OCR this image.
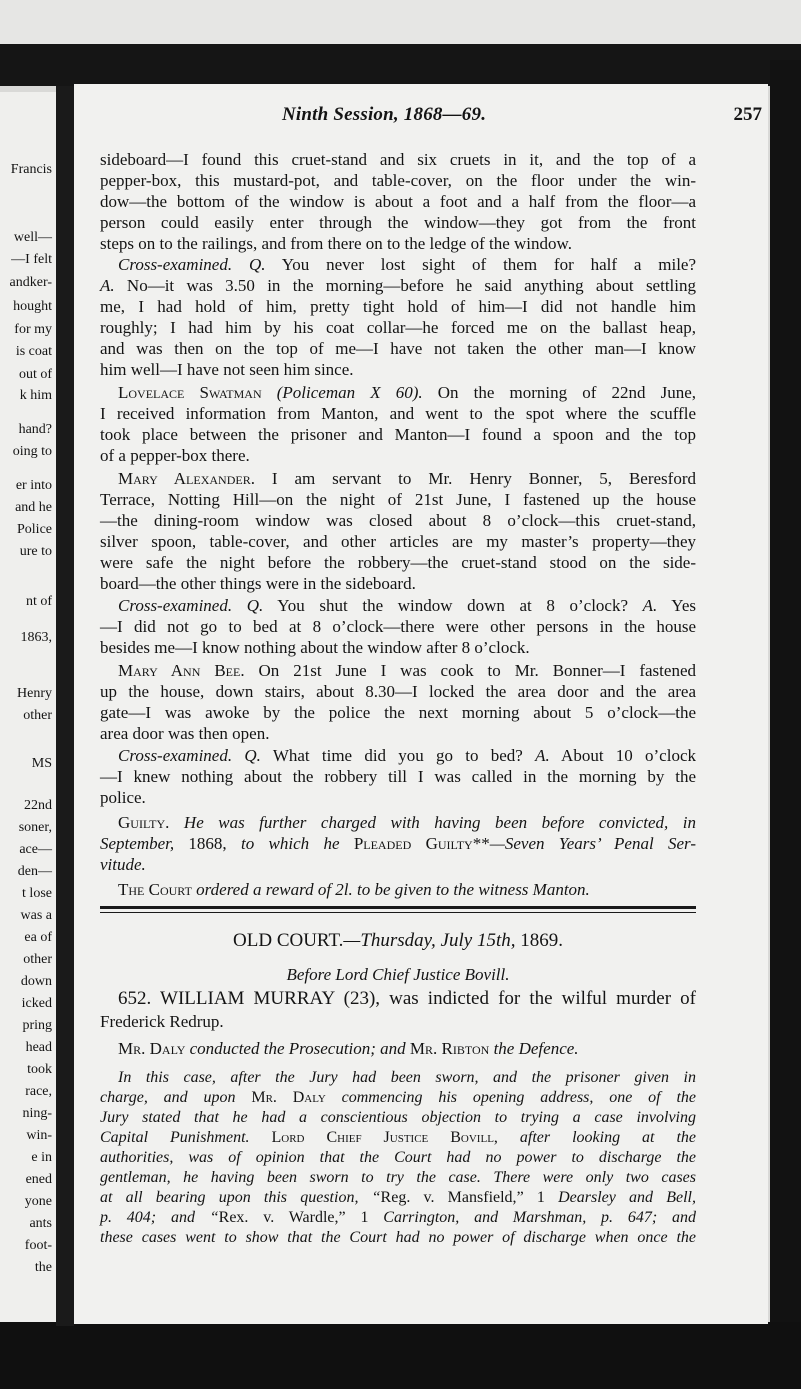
Francis
well—
—I felt
andker-
hought
for my
is coat
out of
k him
hand?
oing to
er into
and he
Police
ure to
nt of
1863,
Henry
other
MS
22nd
soner,
ace—
den—
t lose
was a
ea of
other
down
icked
pring
head
took
race,
ning-
win-
e in
ened
yone
ants
foot-
the
Ninth Session, 1868—69.	257
sideboard—I found this cruet-stand and six cruets in it, and the top of a
pepper-box, this mustard-pot, and table-cover, on the floor under the win-
dow—the bottom of the window is about a foot and a half from the floor—a
person could easily enter through the window—they got from the front
steps on to the railings, and from there on to the ledge of the window.
Cross-examined. Q. You never lost sight of them for half a mile?
A. No—it was 3.50 in the morning—before he said anything about settling
me, I had hold of him, pretty tight hold of him—I did not handle him
roughly; I had him by his coat collar—he forced me on the ballast heap,
and was then on the top of me—I have not taken the other man—I know
him well—I have not seen him since.
Lovelace Swatman (Policeman X 60). On the morning of 22nd June,
I received information from Manton, and went to the spot where the scuffle
took place between the prisoner and Manton—I found a spoon and the top
of a pepper-box there.
Mary Alexander. I am servant to Mr. Henry Bonner, 5, Beresford
Terrace, Notting Hill—on the night of 21st June, I fastened up the house
—the dining-room window was closed about 8 o’clock—this cruet-stand,
silver spoon, table-cover, and other articles are my master’s property—they
were safe the night before the robbery—the cruet-stand stood on the side-
board—the other things were in the sideboard.
Cross-examined. Q. You shut the window down at 8 o’clock? A. Yes
—I did not go to bed at 8 o’clock—there were other persons in the house
besides me—I know nothing about the window after 8 o’clock.
Mary Ann Bee. On 21st June I was cook to Mr. Bonner—I fastened
up the house, down stairs, about 8.30—I locked the area door and the area
gate—I was awoke by the police the next morning about 5 o’clock—the
area door was then open.
Cross-examined. Q. What time did you go to bed? A. About 10 o’clock
—I knew nothing about the robbery till I was called in the morning by the
police.
Guilty. He was further charged with having been before convicted, in
September, 1868, to which he Pleaded Guilty**—Seven Years’ Penal Ser-
vitude.
The Court ordered a reward of 2l. to be given to the witness Manton.
OLD COURT.—Thursday, July 15th, 1869.
Before Lord Chief Justice Bovill.
652. WILLIAM MURRAY (23), was indicted for the wilful murder of
Frederick Redrup.
Mr. Daly conducted the Prosecution; and Mr. Ribton the Defence.
In this case, after the Jury had been sworn, and the prisoner given in
charge, and upon Mr. Daly commencing his opening address, one of the
Jury stated that he had a conscientious objection to trying a case involving
Capital Punishment. Lord Chief Justice Bovill, after looking at the
authorities, was of opinion that the Court had no power to discharge the
gentleman, he having been sworn to try the case. There were only two cases
at all bearing upon this question, “Reg. v. Mansfield,” 1 Dearsley and Bell,
p. 404; and “Rex. v. Wardle,” 1 Carrington, and Marshman, p. 647; and
these cases went to show that the Court had no power of discharge when once the
